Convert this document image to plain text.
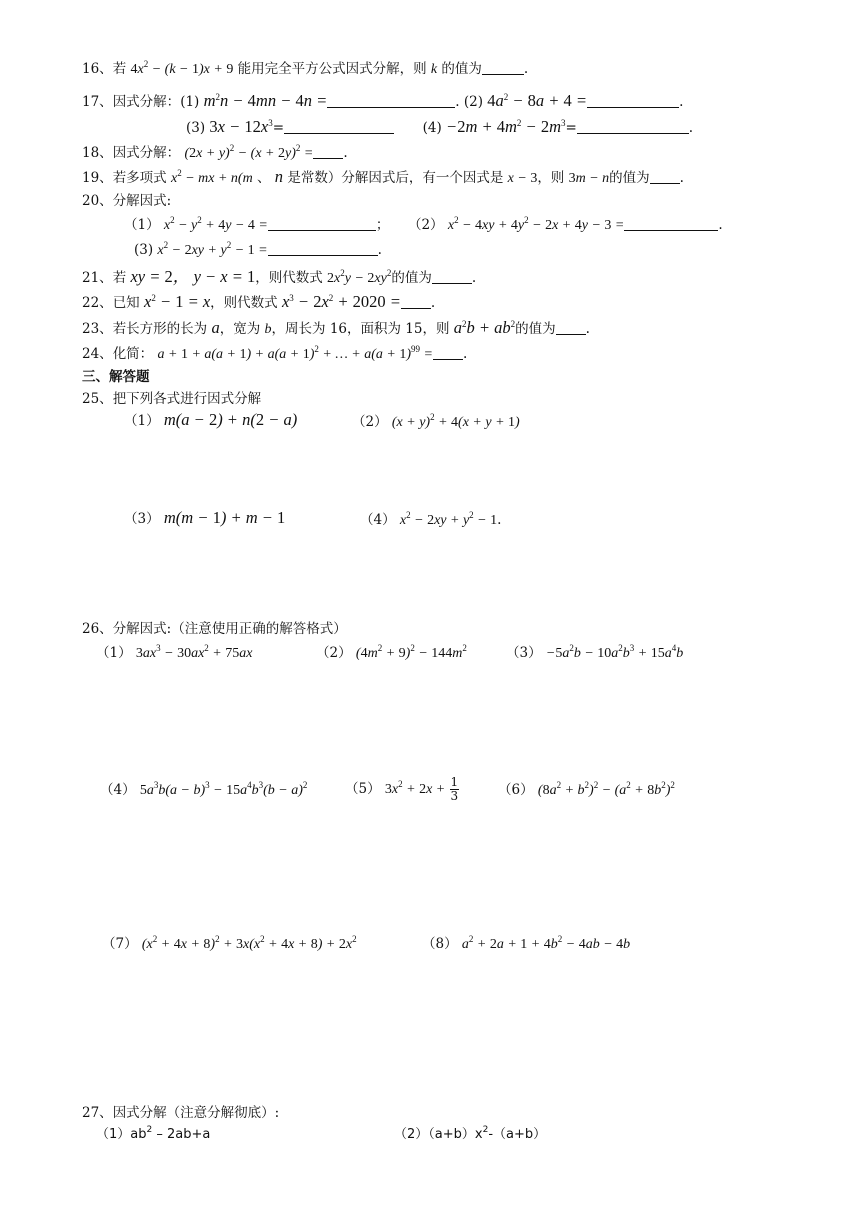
16、若 $4x^2 - (k - 1)x + 9$ 能用完全平方公式因式分解，则 k 的值为	.
17、因式分解：(1) $m^2n - 4mn - 4n$ =	. (2) $4a^2 - 8a + 4$ =	.
(3) $3x - 12x^3=$	$(4) -2m + 4m^2 - 2m^3=$	.
18、因式分解： $(2x + y)^2 - (x + 2y)^2$ = .
19、若多项式 $x^2$ − mx + n(m 、 n 是常数）分解因式后，有一个因式是 x − 3，则 3m − n的值为 .
20、分解因式:
（1） $x^2 - y^2 + 4y - 4$ =	； （2） $x^2 - 4xy + 4y^2 - 2x + 4y - 3$ =	.
(3) $x^2 - 2xy + y^2 - 1$ =	.
21、若 xy = 2， y − x = 1，则代数式 $2x^2y - 2xy^2$的值为	.
22、已知 $x^2 - 1 = x$，则代数式 $x^3 - 2x^2 + 2020$ = .
23、若长方形的长为 a，宽为 b，周长为 16，面积为 15，则 $a^2b + ab^2$的值为 .
24、化简： $a + 1 + a(a + 1) + a(a + 1)^2$ + … + $a(a + 1)^{99}$ = .
三、解答题
25、把下列各式进行因式分解
（1） m(a − 2) + n(2 − a)	（2） $(x + y)^2 + 4(x + y + 1)$
（3） m(m − 1) + m − 1	（4） $x^2 - 2xy + y^2 - 1$.
26、分解因式:（注意使用正确的解答格式）
（1） $3ax^3 - 30ax^2 + 75ax$	（2） $(4m^2 + 9)^2 - 144m^2$	$(3) -5a^2b - 10a^2b^3 + 15a^4b$
（4） $5a^3b(a - b)^3 - 15a^4b^3(b - a)^2$	（5） $3x^2 + 2x + \frac{1}{3}$	（6） $(8a^2 + b^2)^2 - (a^2 + 8b^2)^2$
（7） $(x^2 + 4x + 8)^2 + 3x(x^2 + 4x + 8) + 2x^2$	（8） $a^2 + 2a + 1 + 4b^2 - 4ab - 4b$
27、因式分解（注意分解彻底）:
$(1)ab^2 - 2ab+a$	$(2)(a+b)x^2-(a+b)$
